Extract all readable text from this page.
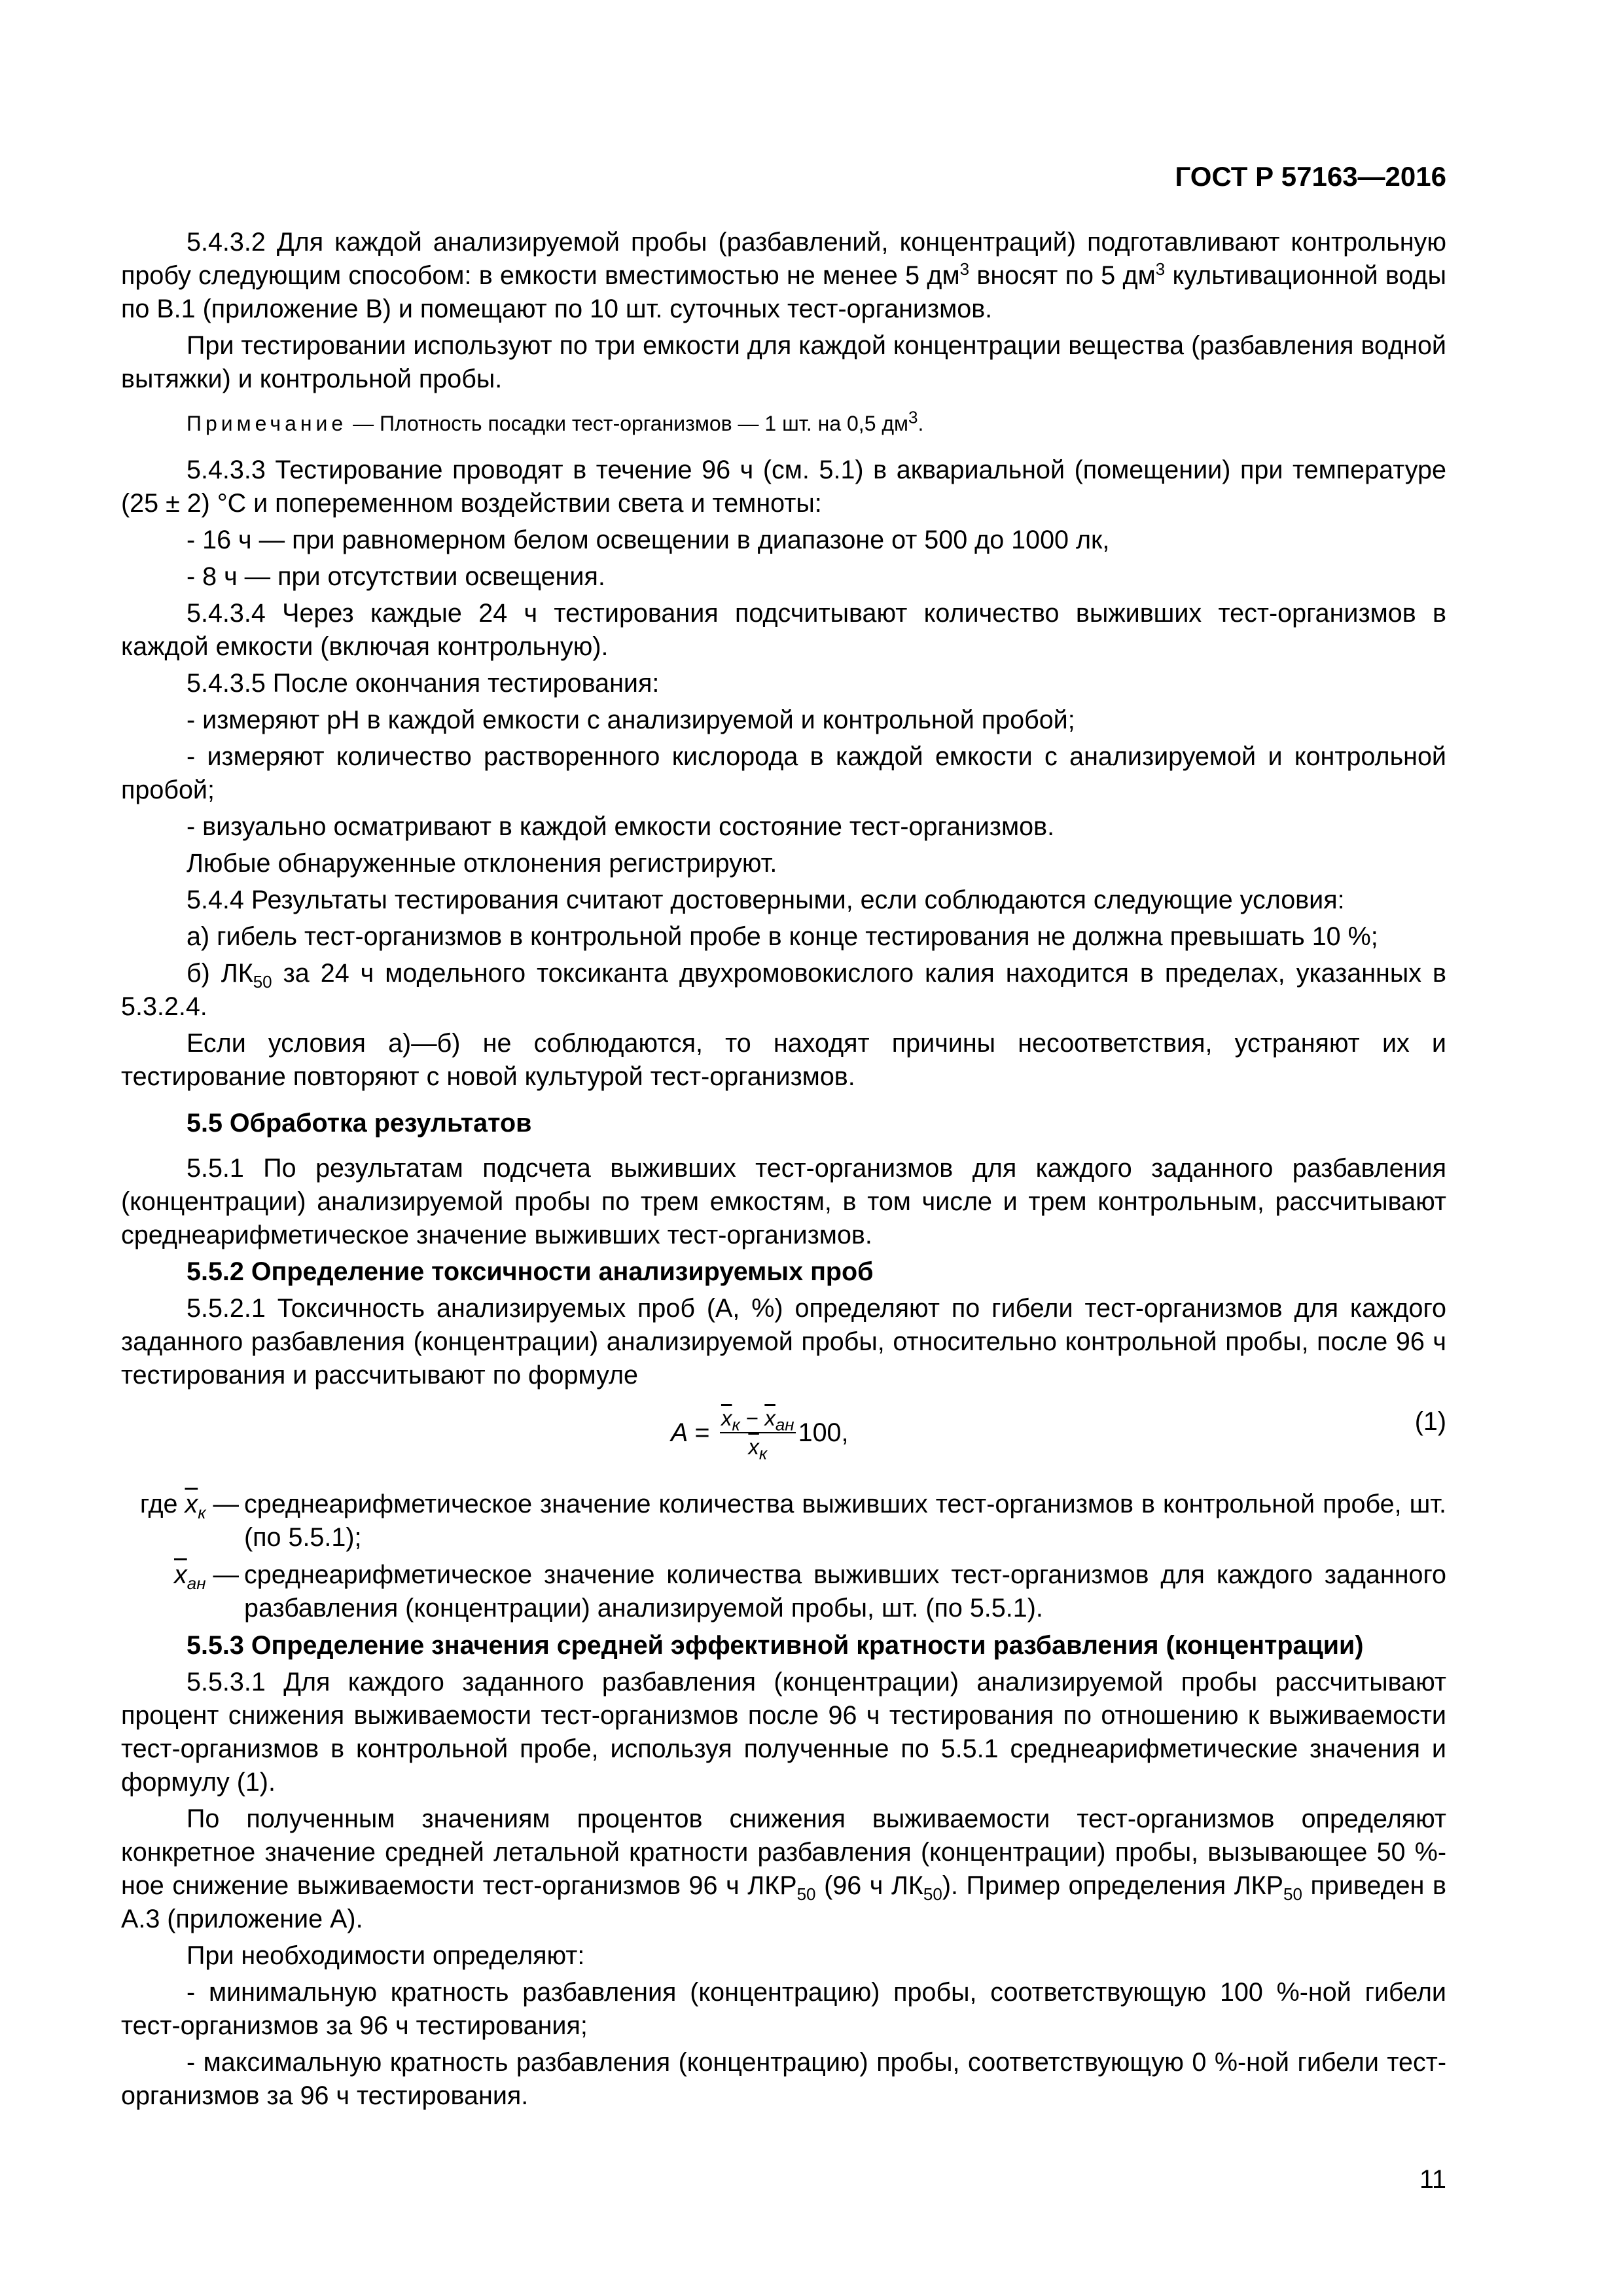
ГОСТ Р 57163—2016

5.4.3.2 Для каждой анализируемой пробы (разбавлений, концентраций) подготавливают контрольную пробу следующим способом: в емкости вместимостью не менее 5 $дм^3$ вносят по 5 $дм^3$ культивационной воды по В.1 (приложение В) и помещают по 10 шт. суточных тест-организмов.

При тестировании используют по три емкости для каждой концентрации вещества (разбавления водной вытяжки) и контрольной пробы.

Примечание — Плотность посадки тест-организмов — 1 шт. на 0,5 $дм^3$.

5.4.3.3 Тестирование проводят в течение 96 ч (см. 5.1) в аквариальной (помещении) при температуре (25 ± 2) °С и попеременном воздействии света и темноты:

- 16 ч — при равномерном белом освещении в диапазоне от 500 до 1000 лк,

- 8 ч — при отсутствии освещения.

5.4.3.4 Через каждые 24 ч тестирования подсчитывают количество выживших тест-организмов в каждой емкости (включая контрольную).

5.4.3.5 После окончания тестирования:

- измеряют рН в каждой емкости с анализируемой и контрольной пробой;

- измеряют количество растворенного кислорода в каждой емкости с анализируемой и контрольной пробой;

- визуально осматривают в каждой емкости состояние тест-организмов.

Любые обнаруженные отклонения регистрируют.

5.4.4 Результаты тестирования считают достоверными, если соблюдаются следующие условия:

а) гибель тест-организмов в контрольной пробе в конце тестирования не должна превышать 10 %;

б) $ЛК_{50}$ за 24 ч модельного токсиканта двухромовокислого калия находится в пределах, указанных в 5.3.2.4.

Если условия а)—б) не соблюдаются, то находят причины несоответствия, устраняют их и тестирование повторяют с новой культурой тест-организмов.

5.5 Обработка результатов

5.5.1 По результатам подсчета выживших тест-организмов для каждого заданного разбавления (концентрации) анализируемой пробы по трем емкостям, в том числе и трем контрольным, рассчитывают среднеарифметическое значение выживших тест-организмов.

5.5.2 Определение токсичности анализируемых проб

5.5.2.1 Токсичность анализируемых проб (А, %) определяют по гибели тест-организмов для каждого заданного разбавления (концентрации) анализируемой пробы, относительно контрольной пробы, после 96 ч тестирования и рассчитывают по формуле

$A = \frac{\overline{x}_к - \overline{x}_{ан}}{\overline{x}_к} 100$,	(1)
где $\overline{x}_к$ — среднеарифметическое значение количества выживших тест-организмов в контрольной пробе, шт. (по 5.5.1);
$\overline{x}_{ан}$ — среднеарифметическое значение количества выживших тест-организмов для каждого заданного разбавления (концентрации) анализируемой пробы, шт. (по 5.5.1).
5.5.3 Определение значения средней эффективной кратности разбавления (концентрации)

5.5.3.1 Для каждого заданного разбавления (концентрации) анализируемой пробы рассчитывают процент снижения выживаемости тест-организмов после 96 ч тестирования по отношению к выживаемости тест-организмов в контрольной пробе, используя полученные по 5.5.1 среднеарифметические значения и формулу (1).

По полученным значениям процентов снижения выживаемости тест-организмов определяют конкретное значение средней летальной кратности разбавления (концентрации) пробы, вызывающее 50 %-ное снижение выживаемости тест-организмов 96 ч $ЛКР_{50}$ (96 ч $ЛК_{50}$). Пример определения $ЛКР_{50}$ приведен в А.3 (приложение А).

При необходимости определяют:

- минимальную кратность разбавления (концентрацию) пробы, соответствующую 100 %-ной гибели тест-организмов за 96 ч тестирования;

- максимальную кратность разбавления (концентрацию) пробы, соответствующую 0 %-ной гибели тест-организмов за 96 ч тестирования.

11
